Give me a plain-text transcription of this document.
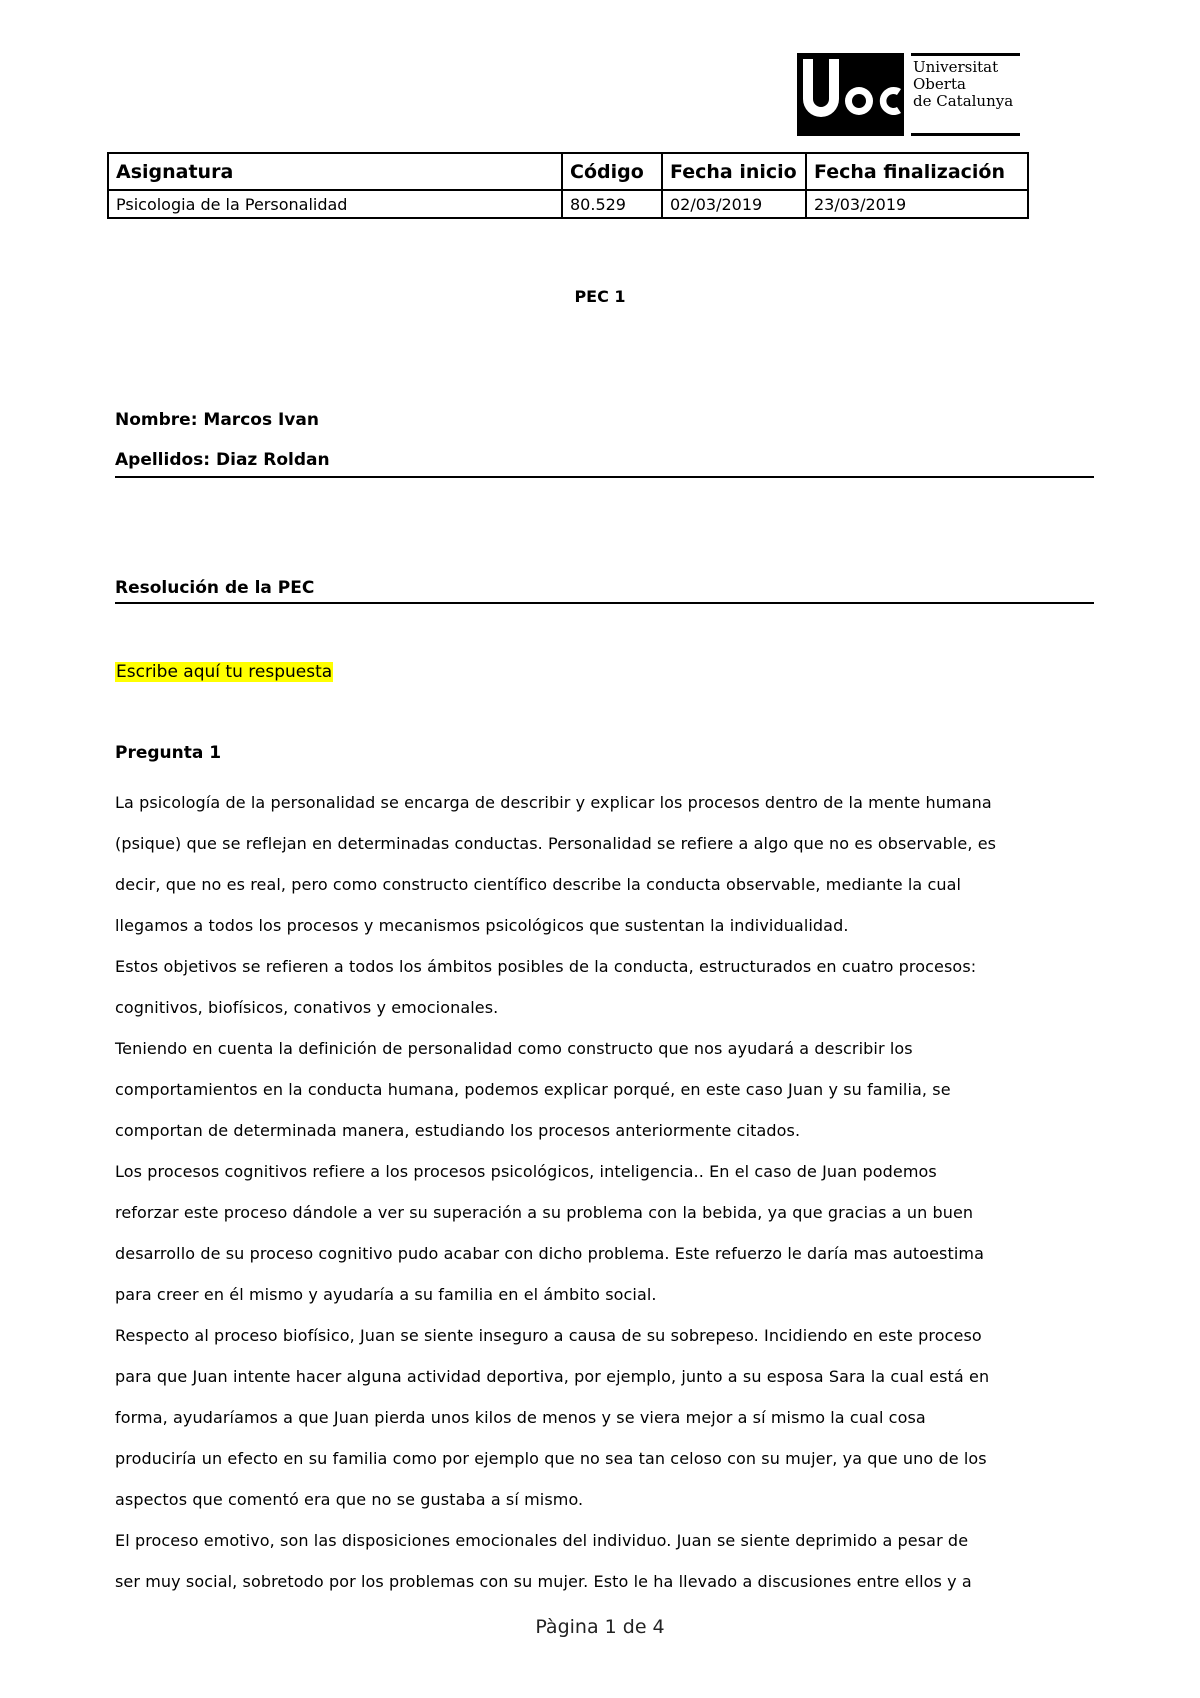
Universitat
Oberta
de Catalunya
Asignatura	Código	Fecha inicio	Fecha finalización
Psicologia de la Personalidad	80.529	02/03/2019	23/03/2019
PEC 1
Nombre: Marcos Ivan
Apellidos: Diaz Roldan
Resolución de la PEC
Escribe aquí tu respuesta
Pregunta 1
La psicología de la personalidad se encarga de describir y explicar los procesos dentro de la mente humana
(psique) que se reflejan en determinadas conductas. Personalidad se refiere a algo que no es observable, es
decir, que no es real, pero como constructo científico describe la conducta observable, mediante la cual
llegamos a todos los procesos y mecanismos psicológicos que sustentan la individualidad.
Estos objetivos se refieren a todos los ámbitos posibles de la conducta, estructurados en cuatro procesos:
cognitivos, biofísicos, conativos y emocionales.
Teniendo en cuenta la definición de personalidad como constructo que nos ayudará a describir los
comportamientos en la conducta humana, podemos explicar porqué, en este caso Juan y su familia, se
comportan de determinada manera, estudiando los procesos anteriormente citados.
Los procesos cognitivos refiere a los procesos psicológicos, inteligencia.. En el caso de Juan podemos
reforzar este proceso dándole a ver su superación a su problema con la bebida, ya que gracias a un buen
desarrollo de su proceso cognitivo pudo acabar con dicho problema. Este refuerzo le daría mas autoestima
para creer en él mismo y ayudaría a su familia en el ámbito social.
Respecto al proceso biofísico, Juan se siente inseguro a causa de su sobrepeso. Incidiendo en este proceso
para que Juan intente hacer alguna actividad deportiva, por ejemplo, junto a su esposa Sara la cual está en
forma, ayudaríamos a que Juan pierda unos kilos de menos y se viera mejor a sí mismo la cual cosa
produciría un efecto en su familia como por ejemplo que no sea tan celoso con su mujer, ya que uno de los
aspectos que comentó era que no se gustaba a sí mismo.
El proceso emotivo, son las disposiciones emocionales del individuo. Juan se siente deprimido a pesar de
ser muy social, sobretodo por los problemas con su mujer. Esto le ha llevado a discusiones entre ellos y a
Pàgina 1 de 4
